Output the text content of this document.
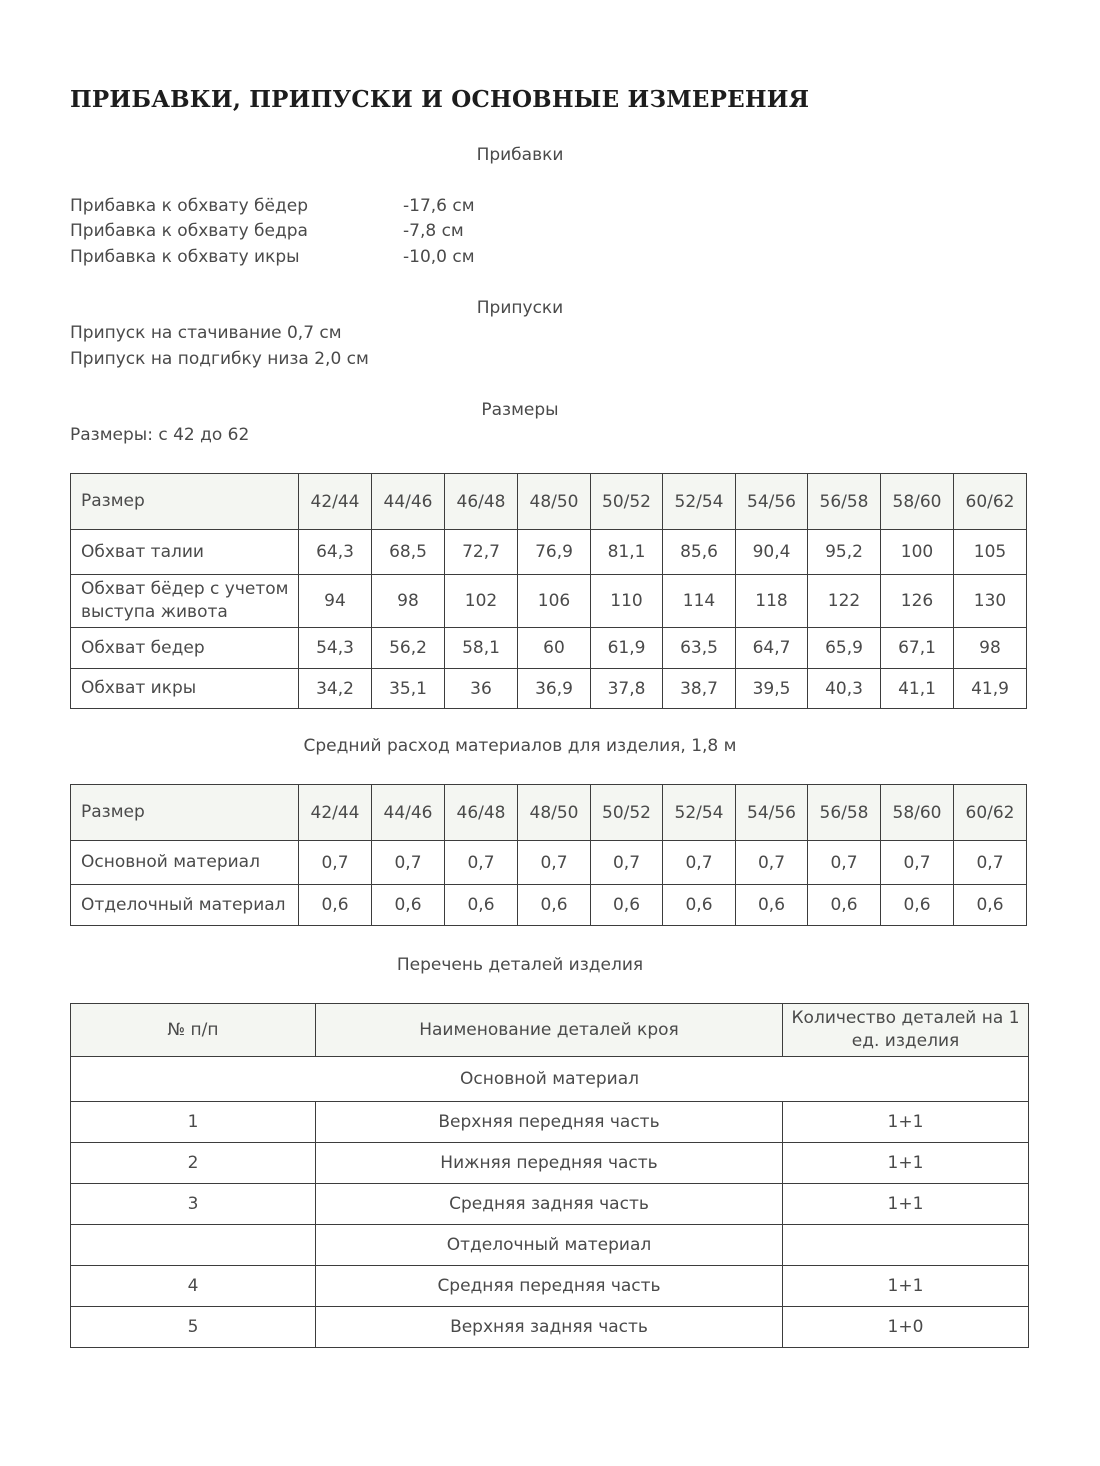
ПРИБАВКИ, ПРИПУСКИ И ОСНОВНЫЕ ИЗМЕРЕНИЯ
Прибавки
Прибавка к обхвату бёдер	-17,6 см
Прибавка к обхвату бедра	-7,8 см
Прибавка к обхвату икры	-10,0 см
Припуски
Припуск на стачивание 0,7 см
Припуск на подгибку низа 2,0 см
Размеры
Размеры: с 42 до 62
Размер	42/44	44/46	46/48	48/50	50/52	52/54	54/56	56/58	58/60	60/62
Обхват талии	64,3	68,5	72,7	76,9	81,1	85,6	90,4	95,2	100	105
Обхват бёдер с учетом выступа живота	94	98	102	106	110	114	118	122	126	130
Обхват бедер	54,3	56,2	58,1	60	61,9	63,5	64,7	65,9	67,1	98
Обхват икры	34,2	35,1	36	36,9	37,8	38,7	39,5	40,3	41,1	41,9
Средний расход материалов для изделия, 1,8 м
Размер	42/44	44/46	46/48	48/50	50/52	52/54	54/56	56/58	58/60	60/62
Основной материал	0,7	0,7	0,7	0,7	0,7	0,7	0,7	0,7	0,7	0,7
Отделочный материал	0,6	0,6	0,6	0,6	0,6	0,6	0,6	0,6	0,6	0,6
Перечень деталей изделия
№ п/п	Наименование деталей кроя	Количество деталей на 1 ед. изделия
Основной материал		
1	Верхняя передняя часть	1+1
2	Нижняя передняя часть	1+1
3	Средняя задняя часть	1+1
	Отделочный материал	
4	Средняя передняя часть	1+1
5	Верхняя задняя часть	1+0
